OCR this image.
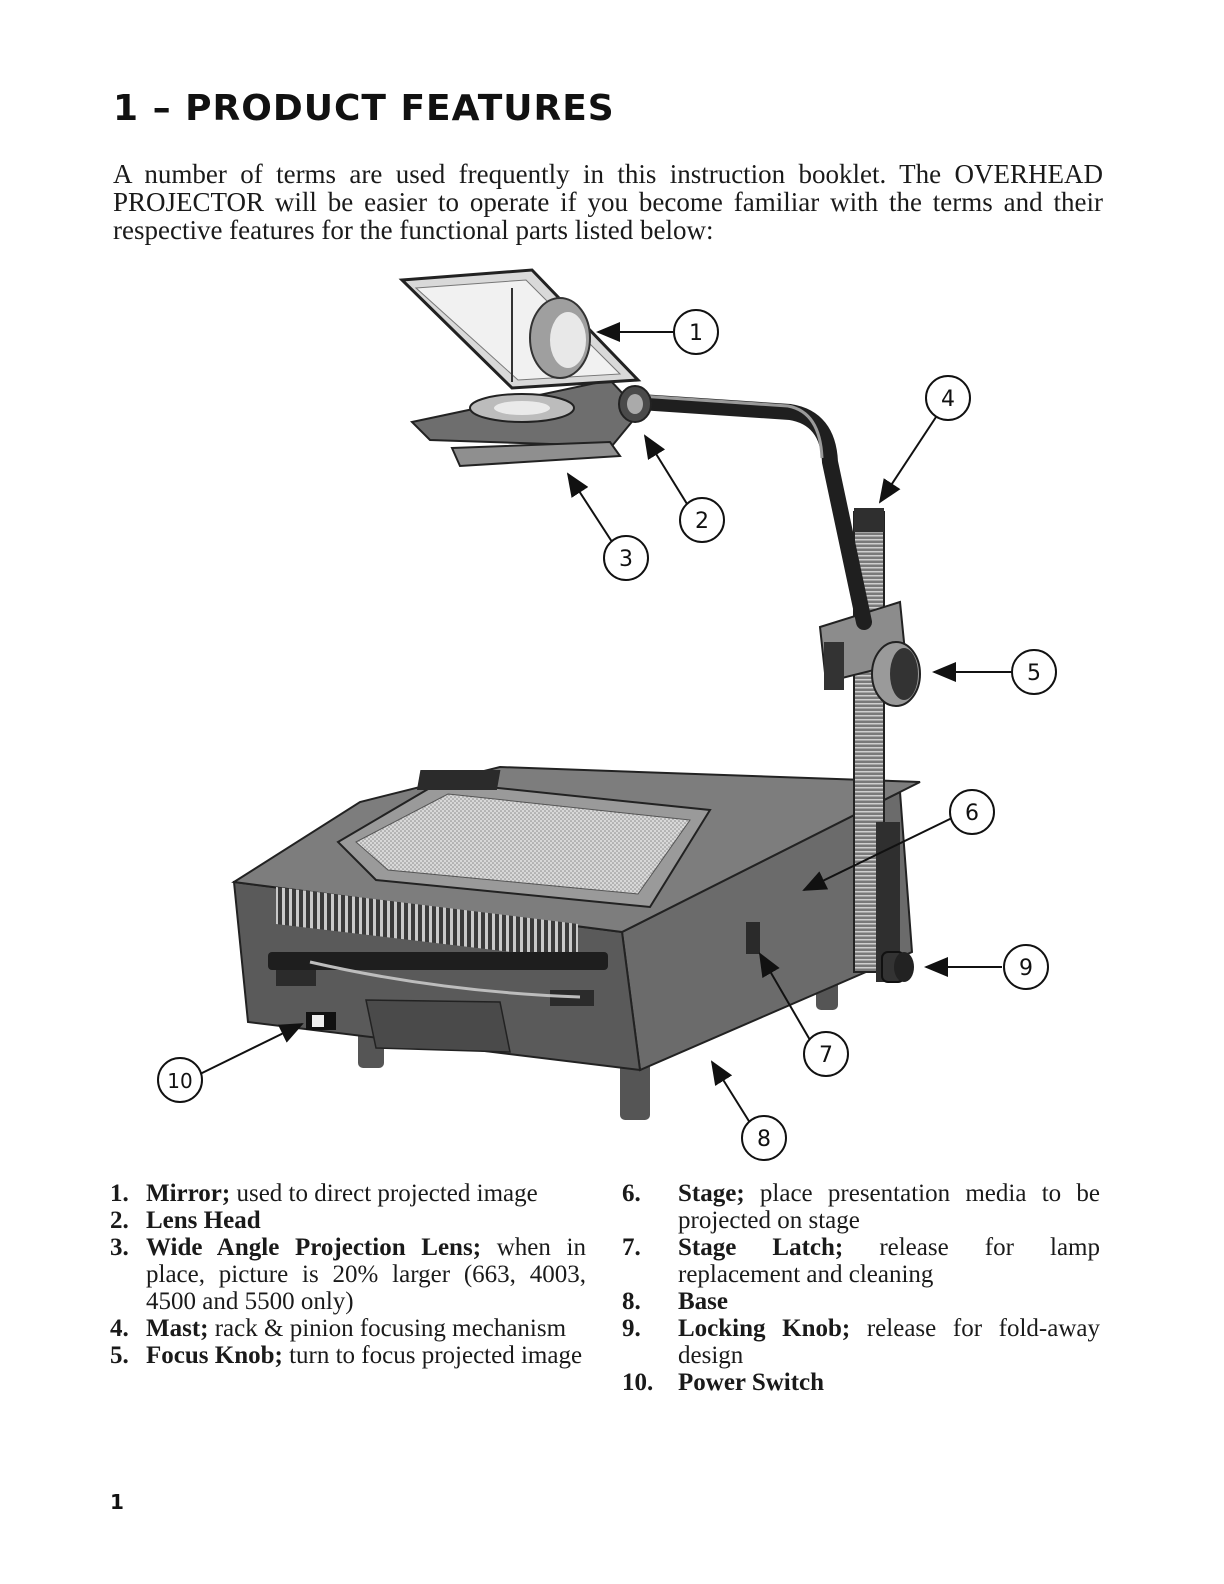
1 – PRODUCT FEATURES

A number of terms are used frequently in this instruction booklet. The OVERHEAD PROJECTOR will be easier to operate if you become familiar with the terms and their respective features for the functional parts listed below:

1
2
3
4
5
6
7
8
9
10
1. Mirror; used to direct projected image
2. Lens Head
3. Wide Angle Projection Lens; when in place, picture is 20% larger (663, 4003, 4500 and 5500 only)
4. Mast; rack & pinion focusing mechanism
5. Focus Knob; turn to focus projected image
6. Stage; place presentation media to be projected on stage
7. Stage Latch; release for lamp replacement and cleaning
8. Base
9. Locking Knob; release for fold-away design
10. Power Switch
1
